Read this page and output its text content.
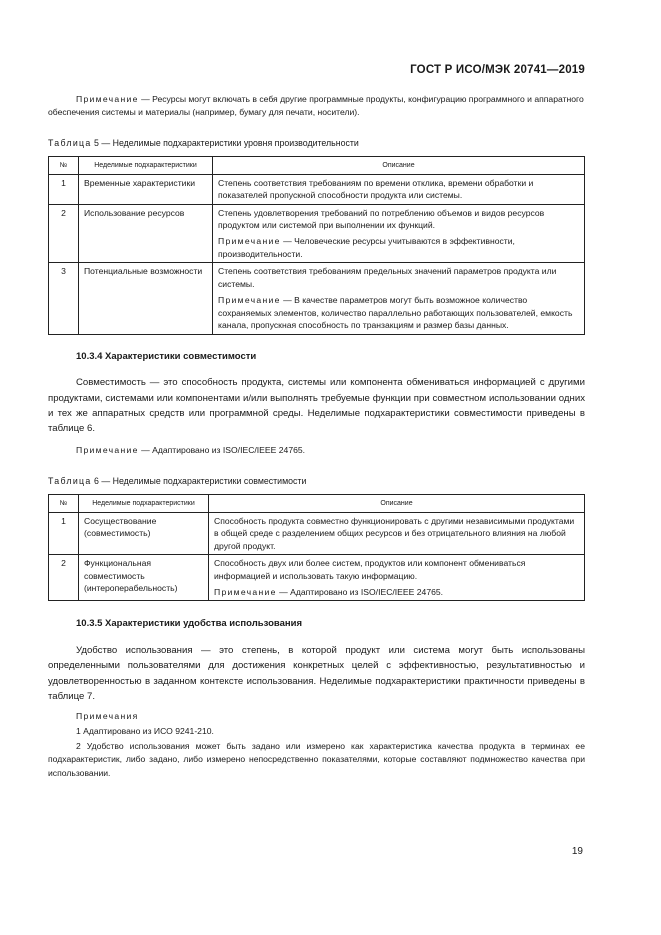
ГОСТ Р ИСО/МЭК 20741—2019

Примечание — Ресурсы могут включать в себя другие программные продукты, конфигурацию программного и аппаратного обеспечения системы и материалы (например, бумагу для печати, носители).

Таблица 5 — Неделимые подхарактеристики уровня производительности

№	Неделимые подхарактеристики	Описание
1	Временные характеристики	Степень соответствия требованиям по времени отклика, времени обработки и показателей пропускной способности продукта или системы.

2	Использование ресурсов	Степень удовлетворения требований по потреблению объемов и видов ресурсов продуктом или системой при выполнении их функций.

Примечание — Человеческие ресурсы учитываются в эффективности, производительности.

3	Потенциальные возможности	Степень соответствия требованиям предельных значений параметров продукта или системы.

Примечание — В качестве параметров могут быть возможное количество сохраняемых элементов, количество параллельно работающих пользователей, емкость канала, пропускная способность по транзакциям и размер базы данных.

10.3.4 Характеристики совместимости

Совместимость — это способность продукта, системы или компонента обмениваться информацией с другими продуктами, системами или компонентами и/или выполнять требуемые функции при совместном использовании одних и тех же аппаратных средств или программной среды. Неделимые подхарактеристики совместимости приведены в таблице 6.

Примечание — Адаптировано из ISO/IEC/IEEE 24765.

Таблица 6 — Неделимые подхарактеристики совместимости

№	Неделимые подхарактеристики	Описание
1	Сосуществование (совместимость)	Способность продукта совместно функционировать с другими независимыми продуктами в общей среде с разделением общих ресурсов и без отрицательного влияния на любой другой продукт.

2	Функциональная совместимость (интероперабельность)	Способность двух или более систем, продуктов или компонент обмениваться информацией и использовать такую информацию.

Примечание — Адаптировано из ISO/IEC/IEEE 24765.

10.3.5 Характеристики удобства использования

Удобство использования — это степень, в которой продукт или система могут быть использованы определенными пользователями для достижения конкретных целей с эффективностью, результативностью и удовлетворенностью в заданном контексте использования. Неделимые подхарактеристики практичности приведены в таблице 7.

Примечания

1 Адаптировано из ИСО 9241-210.

2 Удобство использования может быть задано или измерено как характеристика качества продукта в терминах ее подхарактеристик, либо задано, либо измерено непосредственно показателями, которые составляют подмножество качества при использовании.

19
